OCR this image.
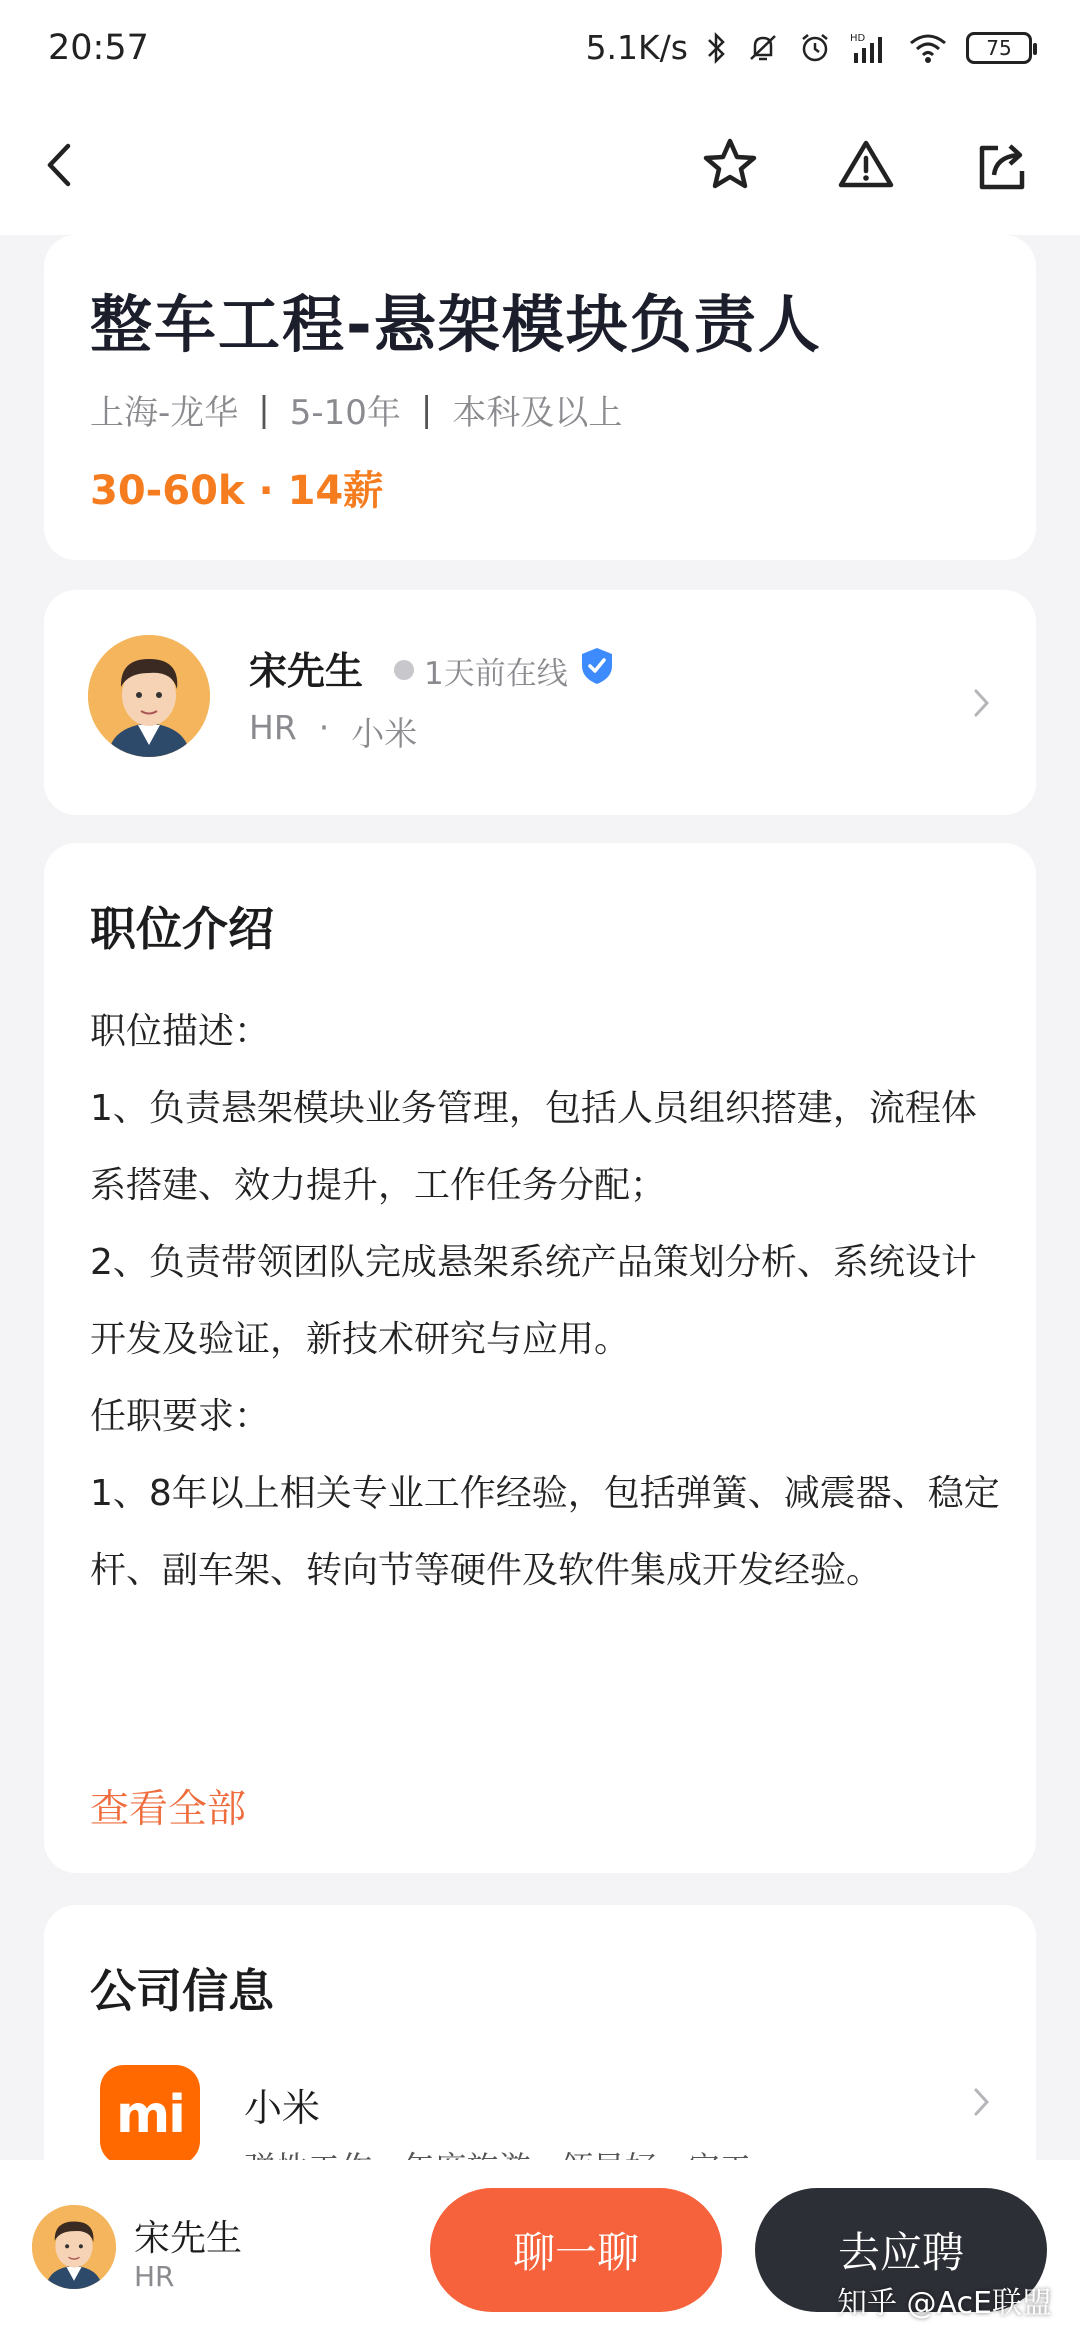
20:57	5.1K/s	HD	75
整车工程-悬架模块负责人
上海-龙华 | 5-10年 | 本科及以上
30-60k · 14薪
宋先生 1天前在线
HR · 小米
职位介绍

职位描述：

1、负责悬架模块业务管理，包括人员组织搭建，流程体系搭建、效力提升，工作任务分配；

2、负责带领团队完成悬架系统产品策划分析、系统设计开发及验证，新技术研究与应用。

任职要求：

1、8年以上相关专业工作经验，包括弹簧、减震器、稳定杆、副车架、转向节等硬件及软件集成开发经验。

查看全部
公司信息
mi 小米
宋先生
HR	聊一聊	去应聘
知乎 @AcE联盟
